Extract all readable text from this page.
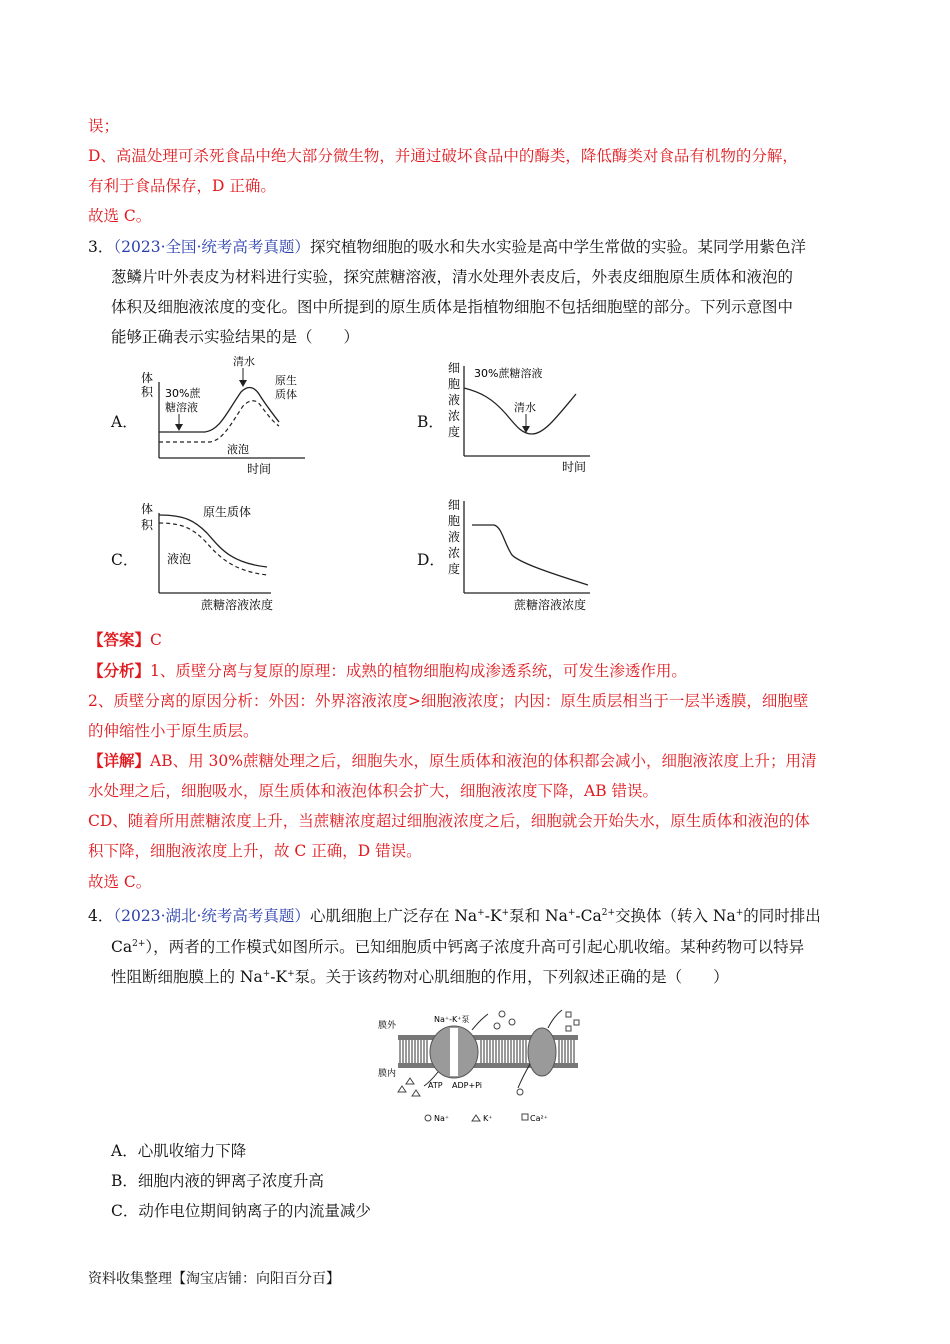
误；
D、高温处理可杀死食品中绝大部分微生物，并通过破坏食品中的酶类，降低酶类对食品有机物的分解，
有利于食品保存，D 正确。
故选 C。
3．（2023·全国·统考高考真题）探究植物细胞的吸水和失水实验是高中学生常做的实验。某同学用紫色洋
葱鳞片叶外表皮为材料进行实验，探究蔗糖溶液，清水处理外表皮后，外表皮细胞原生质体和液泡的
体积及细胞液浓度的变化。图中所提到的原生质体是指植物细胞不包括细胞壁的部分。下列示意图中
能够正确表示实验结果的是（　　）
A．	B．
C．	D．
体
积
时间
30%蔗
糖溶液
清水
原生
质体
液泡
细
胞
液
浓
度
30%蔗糖溶液
清水
时间
体
积
原生质体
液泡
蔗糖溶液浓度
细
胞
液
浓
度
蔗糖溶液浓度
【答案】C
【分析】1、质壁分离与复原的原理：成熟的植物细胞构成渗透系统，可发生渗透作用。
2、质壁分离的原因分析：外因：外界溶液浓度>细胞液浓度；内因：原生质层相当于一层半透膜，细胞壁
的伸缩性小于原生质层。
【详解】AB、用 30%蔗糖处理之后，细胞失水，原生质体和液泡的体积都会减小，细胞液浓度上升；用清
水处理之后，细胞吸水，原生质体和液泡体积会扩大，细胞液浓度下降，AB 错误。
CD、随着所用蔗糖浓度上升，当蔗糖浓度超过细胞液浓度之后，细胞就会开始失水，原生质体和液泡的体
积下降，细胞液浓度上升，故 C 正确，D 错误。
故选 C。
4．（2023·湖北·统考高考真题）心肌细胞上广泛存在 Na+-K+泵和 $Na^+-Ca^{2+}$交换体（转入 Na+的同时排出
$Ca^{2+}$），两者的工作模式如图所示。已知细胞质中钙离子浓度升高可引起心肌收缩。某种药物可以特异
性阻断细胞膜上的 Na+-K+泵。关于该药物对心肌细胞的作用，下列叙述正确的是（　　）
膜外
膜内
Na⁺-K⁺泵
ATP ADP+Pi
Na⁺	K⁺	Ca²⁺
A．心肌收缩力下降
B．细胞内液的钾离子浓度升高
C．动作电位期间钠离子的内流量减少
资料收集整理【淘宝店铺：向阳百分百】
